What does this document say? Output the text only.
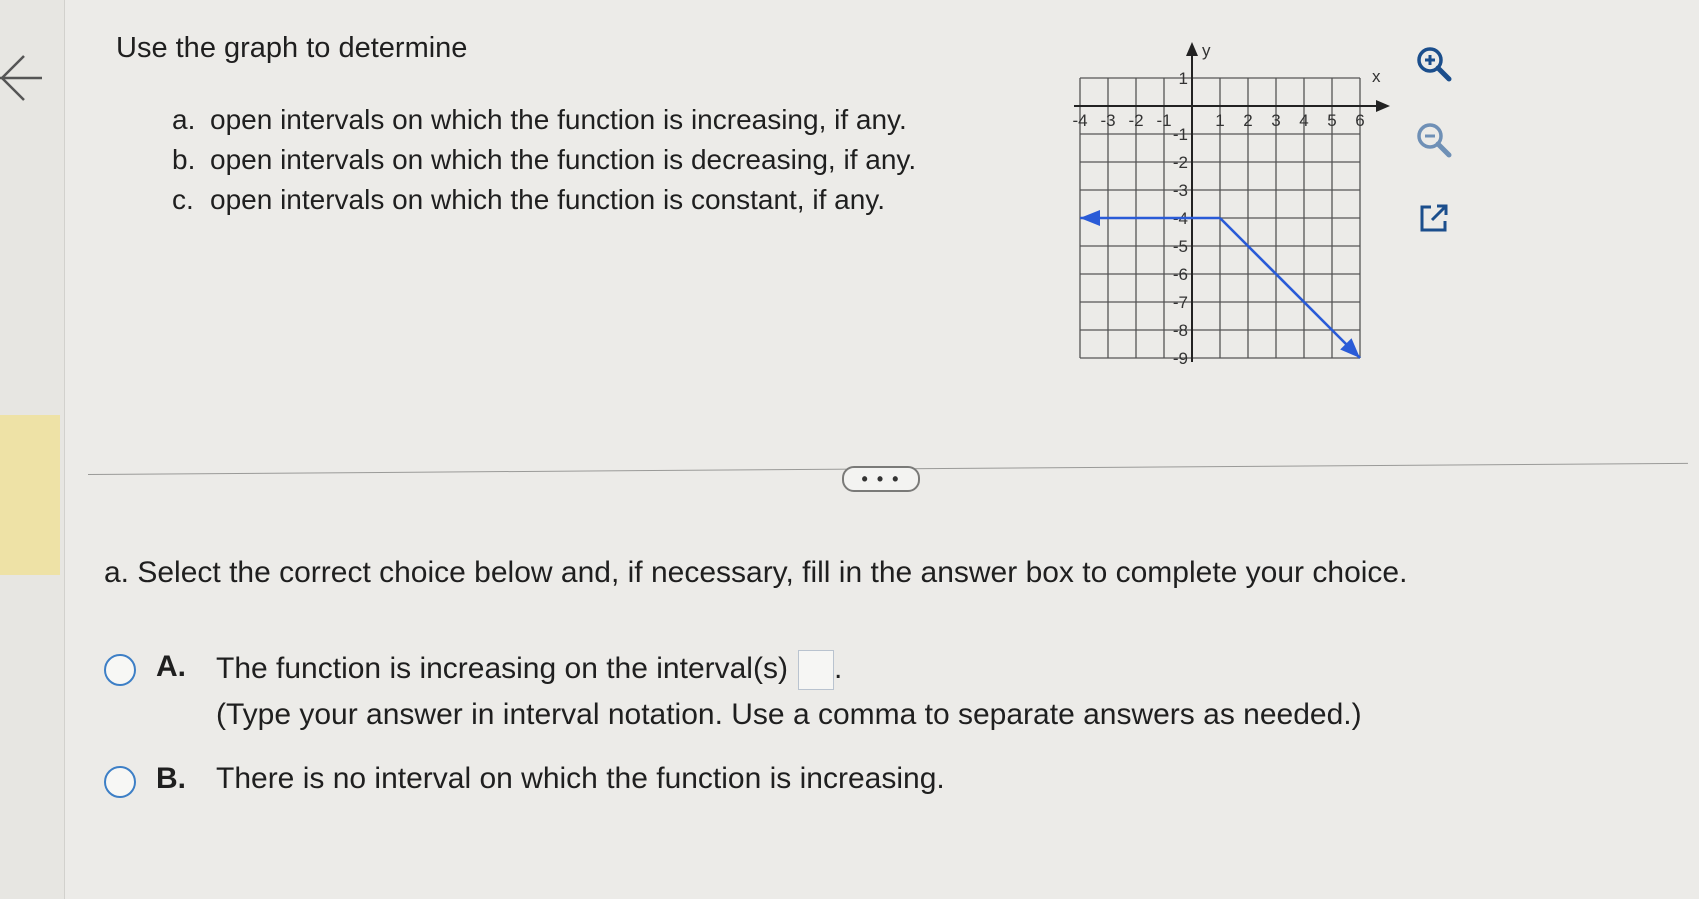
Use the graph to determine
a. open intervals on which the function is increasing, if any.
b. open intervals on which the function is decreasing, if any.
c. open intervals on which the function is constant, if any.
x
y
-4 -3 -2 -1	1 2 3 4 5 6
1
-1
-2
-3
-4
-5
-6
-7
-8
-9
• • •
a. Select the correct choice below and, if necessary, fill in the answer box to complete your choice.
A. The function is increasing on the interval(s) .
(Type your answer in interval notation. Use a comma to separate answers as needed.)
B. There is no interval on which the function is increasing.
